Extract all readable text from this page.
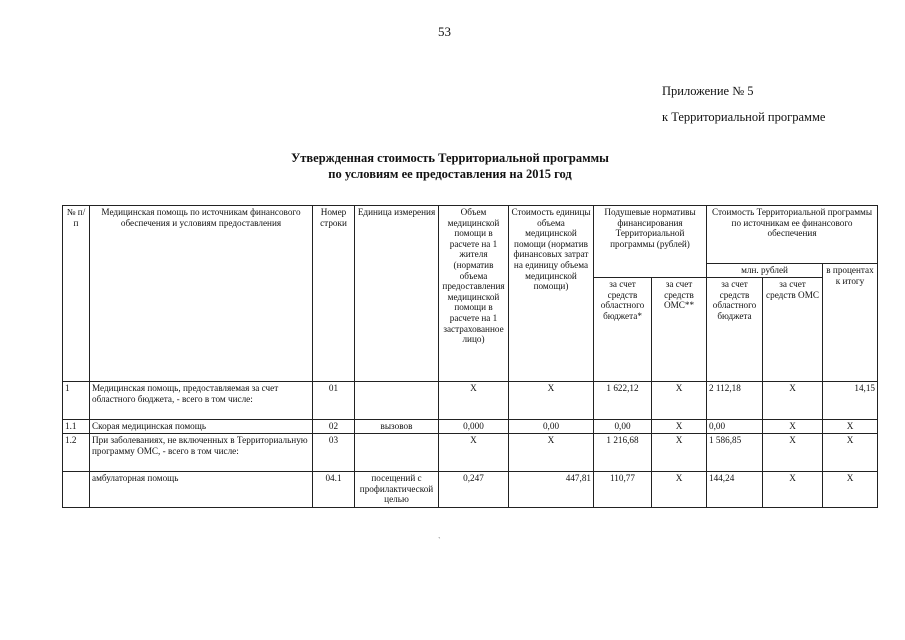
53
Приложение № 5
к Территориальной программе
Утвержденная стоимость Территориальной программы
по условиям ее предоставления на 2015 год
№ п/п	Медицинская помощь по источникам финансового обеспечения и условиям предоставления	Номер строки	Единица измерения	Объем медицинской помощи в расчете на 1 жителя (норматив объема предоставления медицинской помощи в расчете на 1 застрахованное лицо)	Стоимость единицы объема медицинской помощи (норматив финансовых затрат на единицу объема медицинской помощи)	Подушевые нормативы финансирования Территориальной программы (рублей)		Стоимость Территориальной программы по источникам ее финансового обеспечения		
								млн. рублей		в процентах к итогу
						за счет средств областного бюджета*	за счет средств ОМС**	за счет средств областного бюджета	за счет средств ОМС	
1	Медицинская помощь, предоставляемая за счет областного бюджета, - всего в том числе:	01		X	X	1 622,12	X	2 112,18	X	14,15
1.1	Скорая медицинская помощь	02	вызовов	0,000	0,00	0,00	X	0,00	X	X
1.2	При заболеваниях, не включенных в Территориальную программу ОМС, - всего в том числе:	03		X	X	1 216,68	X	1 586,85	X	X
	амбулаторная помощь	04.1	посещений с профилактической целью	0,247	447,81	110,77	X	144,24	X	X
`
